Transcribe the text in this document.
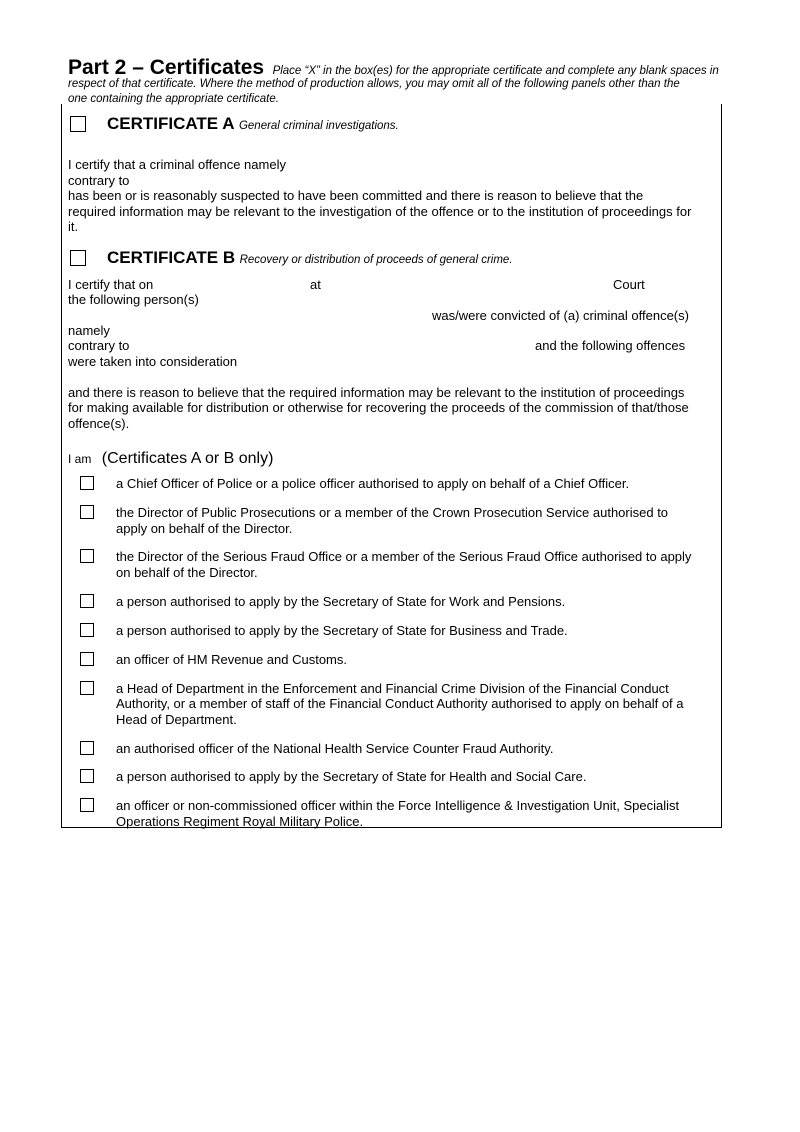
Part 2 – Certificates Place “X” in the box(es) for the appropriate certificate and complete any blank spaces in
respect of that certificate. Where the method of production allows, you may omit all of the following panels other than the
one containing the appropriate certificate.
CERTIFICATE A General criminal investigations.
I certify that a criminal offence namely
contrary to
has been or is reasonably suspected to have been committed and there is reason to believe that the
required information may be relevant to the investigation of the offence or to the institution of proceedings for
it.
CERTIFICATE B Recovery or distribution of proceeds of general crime.
I certify that on	at	Court
the following person(s)
was/were convicted of (a) criminal offence(s)
namely
contrary to	and the following offences
were taken into consideration
and there is reason to believe that the required information may be relevant to the institution of proceedings
for making available for distribution or otherwise for recovering the proceeds of the commission of that/those
offence(s).
I am (Certificates A or B only)
a Chief Officer of Police or a police officer authorised to apply on behalf of a Chief Officer.
the Director of Public Prosecutions or a member of the Crown Prosecution Service authorised to
apply on behalf of the Director.
the Director of the Serious Fraud Office or a member of the Serious Fraud Office authorised to apply
on behalf of the Director.
a person authorised to apply by the Secretary of State for Work and Pensions.
a person authorised to apply by the Secretary of State for Business and Trade.
an officer of HM Revenue and Customs.
a Head of Department in the Enforcement and Financial Crime Division of the Financial Conduct
Authority, or a member of staff of the Financial Conduct Authority authorised to apply on behalf of a
Head of Department.
an authorised officer of the National Health Service Counter Fraud Authority.
a person authorised to apply by the Secretary of State for Health and Social Care.
an officer or non-commissioned officer within the Force Intelligence & Investigation Unit, Specialist
Operations Regiment Royal Military Police.
